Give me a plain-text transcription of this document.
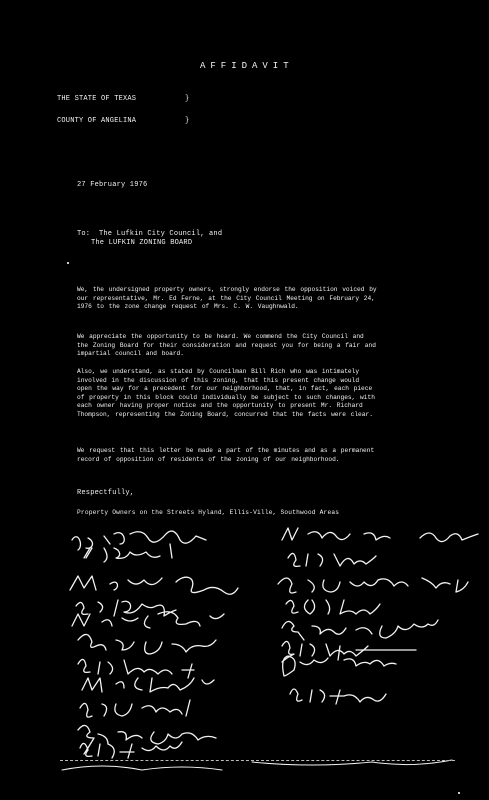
AFFIDAVIT
THE STATE OF TEXAS	}
COUNTY OF ANGELINA	}
27 February 1976
To:  The Lufkin City Council, and
The LUFKIN ZONING BOARD
We, the undersigned property owners, strongly endorse the opposition voiced by our representative, Mr. Ed Ferne, at the City Council Meeting on February 24, 1976 to the zone change request of Mrs. C. W. Vaughnwald.
We appreciate the opportunity to be heard. We commend the City Council and the Zoning Board for their consideration and request you for being a fair and impartial council and board.
Also, we understand, as stated by Councilman Bill Rich who was intimately involved in the discussion of this zoning, that this present change would open the way for a precedent for our neighborhood, that, in fact, each piece of property in this block could individually be subject to such changes, with each owner having proper notice and the opportunity to present Mr. Richard Thompson, representing the Zoning Board, concurred that the facts were clear.
We request that this letter be made a part of the minutes and as a permanent record of opposition of residents of the zoning of our neighborhood.
Respectfully,
Property Owners on the Streets Hyland, Ellis-Ville, Southwood Areas
